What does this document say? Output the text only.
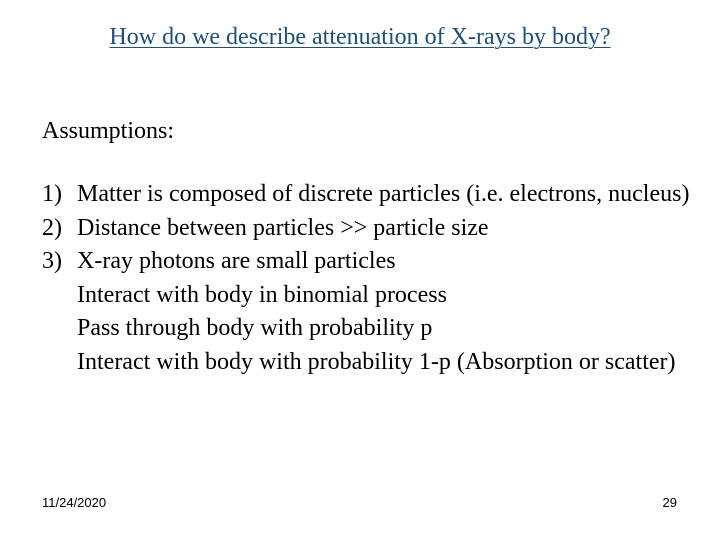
How do we describe attenuation of X-rays by body?
Assumptions:
1) Matter is composed of discrete particles (i.e. electrons, nucleus)
2) Distance between particles >> particle size
3) X-ray photons are small particles
Interact with body in binomial process
Pass through body with probability p
Interact with body with probability 1-p (Absorption or scatter)
11/24/2020	29
